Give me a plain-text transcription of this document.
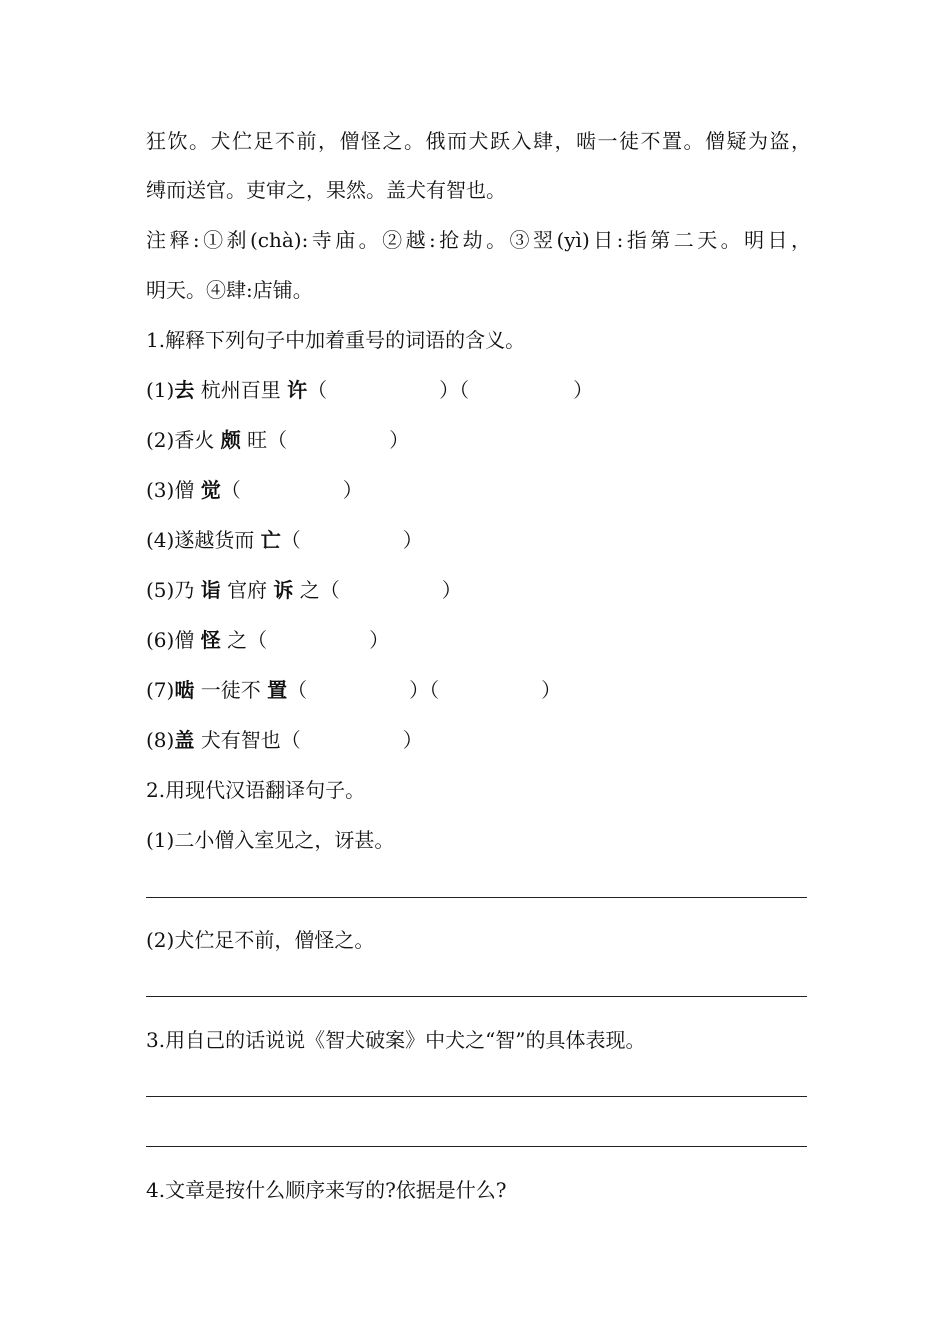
狂饮。犬伫足不前，僧怪之。俄而犬跃入肆，啮一徒不置。僧疑为盗，
缚而送官。吏审之，果然。盖犬有智也。
注释:①刹(chà):寺庙。②越:抢劫。③翌(yì)日:指第二天。明日，
明天。④肆:店铺。
1.解释下列句子中加着重号的词语的含义。
(1)去 杭州百里 许（	）（	）
(2)香火 颇 旺（	）
(3)僧 觉（	）
(4)遂越货而 亡（	）
(5)乃 诣 官府 诉 之（	）
(6)僧 怪 之（	）
(7)啮 一徒不 置（	）（	）
(8)盖 犬有智也（	）
2.用现代汉语翻译句子。
(1)二小僧入室见之，讶甚。
(2)犬伫足不前，僧怪之。
3.用自己的话说说《智犬破案》中犬之“智”的具体表现。
4.文章是按什么顺序来写的?依据是什么?
